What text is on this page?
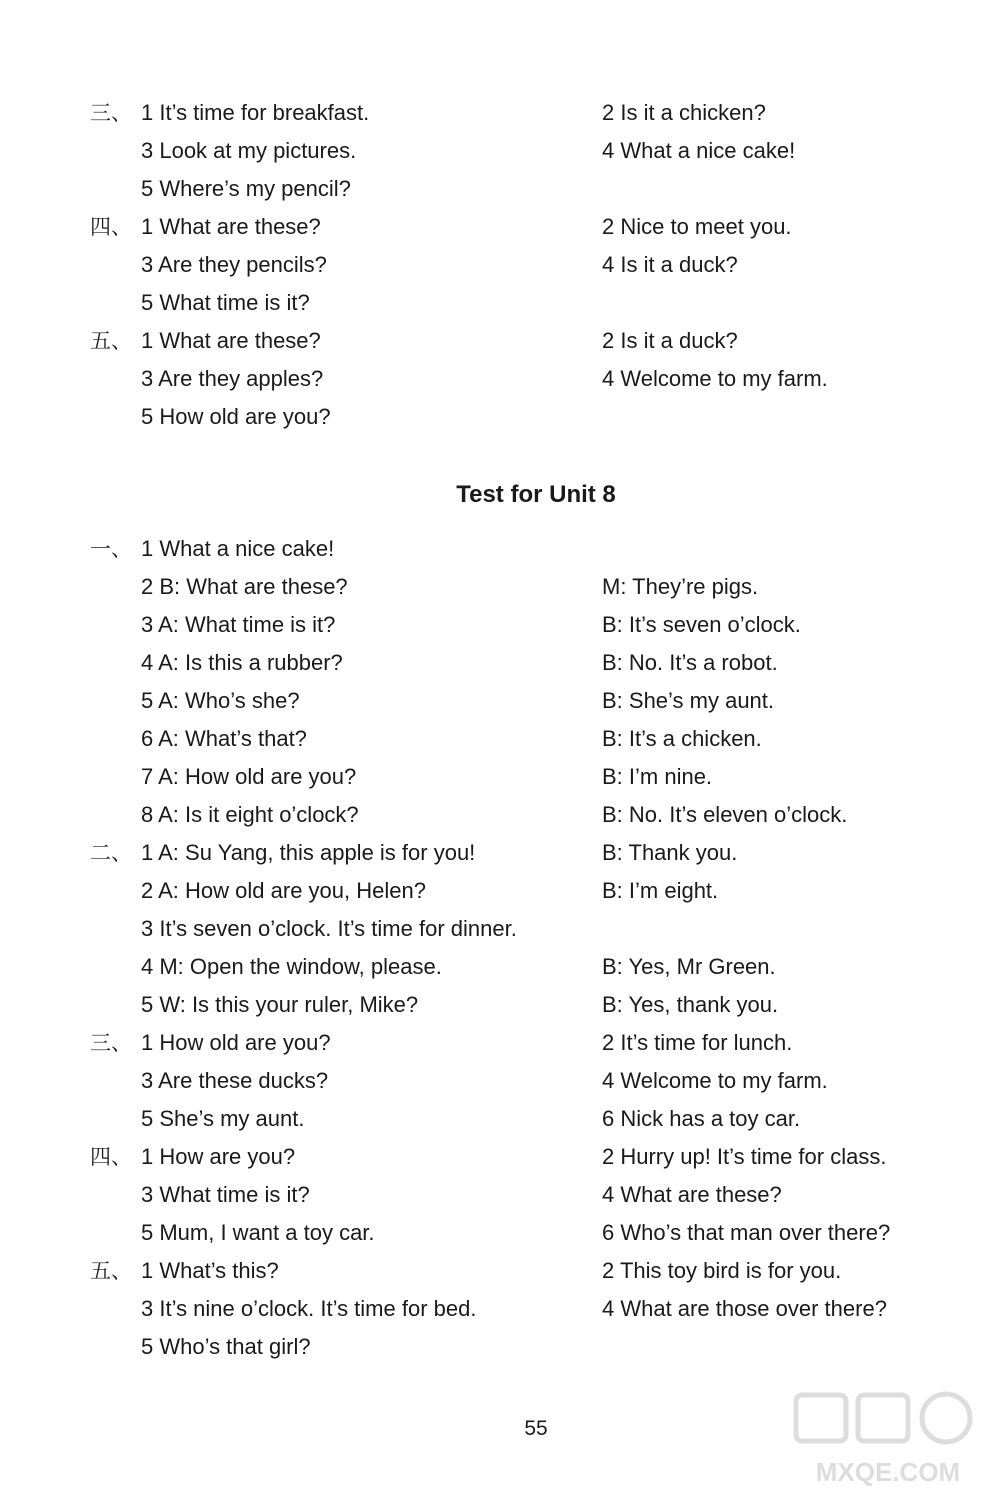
三、 1 It’s time for breakfast.	2 Is it a chicken?
3 Look at my pictures.	4 What a nice cake!
5 Where’s my pencil?
四、 1 What are these?	2 Nice to meet you.
3 Are they pencils?	4 Is it a duck?
5 What time is it?
五、 1 What are these?	2 Is it a duck?
3 Are they apples?	4 Welcome to my farm.
5 How old are you?
Test for Unit 8
一、 1 What a nice cake!
2 B: What are these?	M: They’re pigs.
3 A: What time is it?	B: It’s seven o’clock.
4 A: Is this a rubber?	B: No. It’s a robot.
5 A: Who’s she?	B: She’s my aunt.
6 A: What’s that?	B: It’s a chicken.
7 A: How old are you?	B: I’m nine.
8 A: Is it eight o’clock?	B: No. It’s eleven o’clock.
二、 1 A: Su Yang, this apple is for you!	B: Thank you.
2 A: How old are you, Helen?	B: I’m eight.
3 It’s seven o’clock. It’s time for dinner.
4 M: Open the window, please.	B: Yes, Mr Green.
5 W: Is this your ruler, Mike?	B: Yes, thank you.
三、 1 How old are you?	2 It’s time for lunch.
3 Are these ducks?	4 Welcome to my farm.
5 She’s my aunt.	6 Nick has a toy car.
四、 1 How are you?	2 Hurry up! It’s time for class.
3 What time is it?	4 What are these?
5 Mum, I want a toy car.	6 Who’s that man over there?
五、 1 What’s this?	2 This toy bird is for you.
3 It’s nine o’clock. It’s time for bed.	4 What are those over there?
5 Who’s that girl?
55
MXQE.COM
